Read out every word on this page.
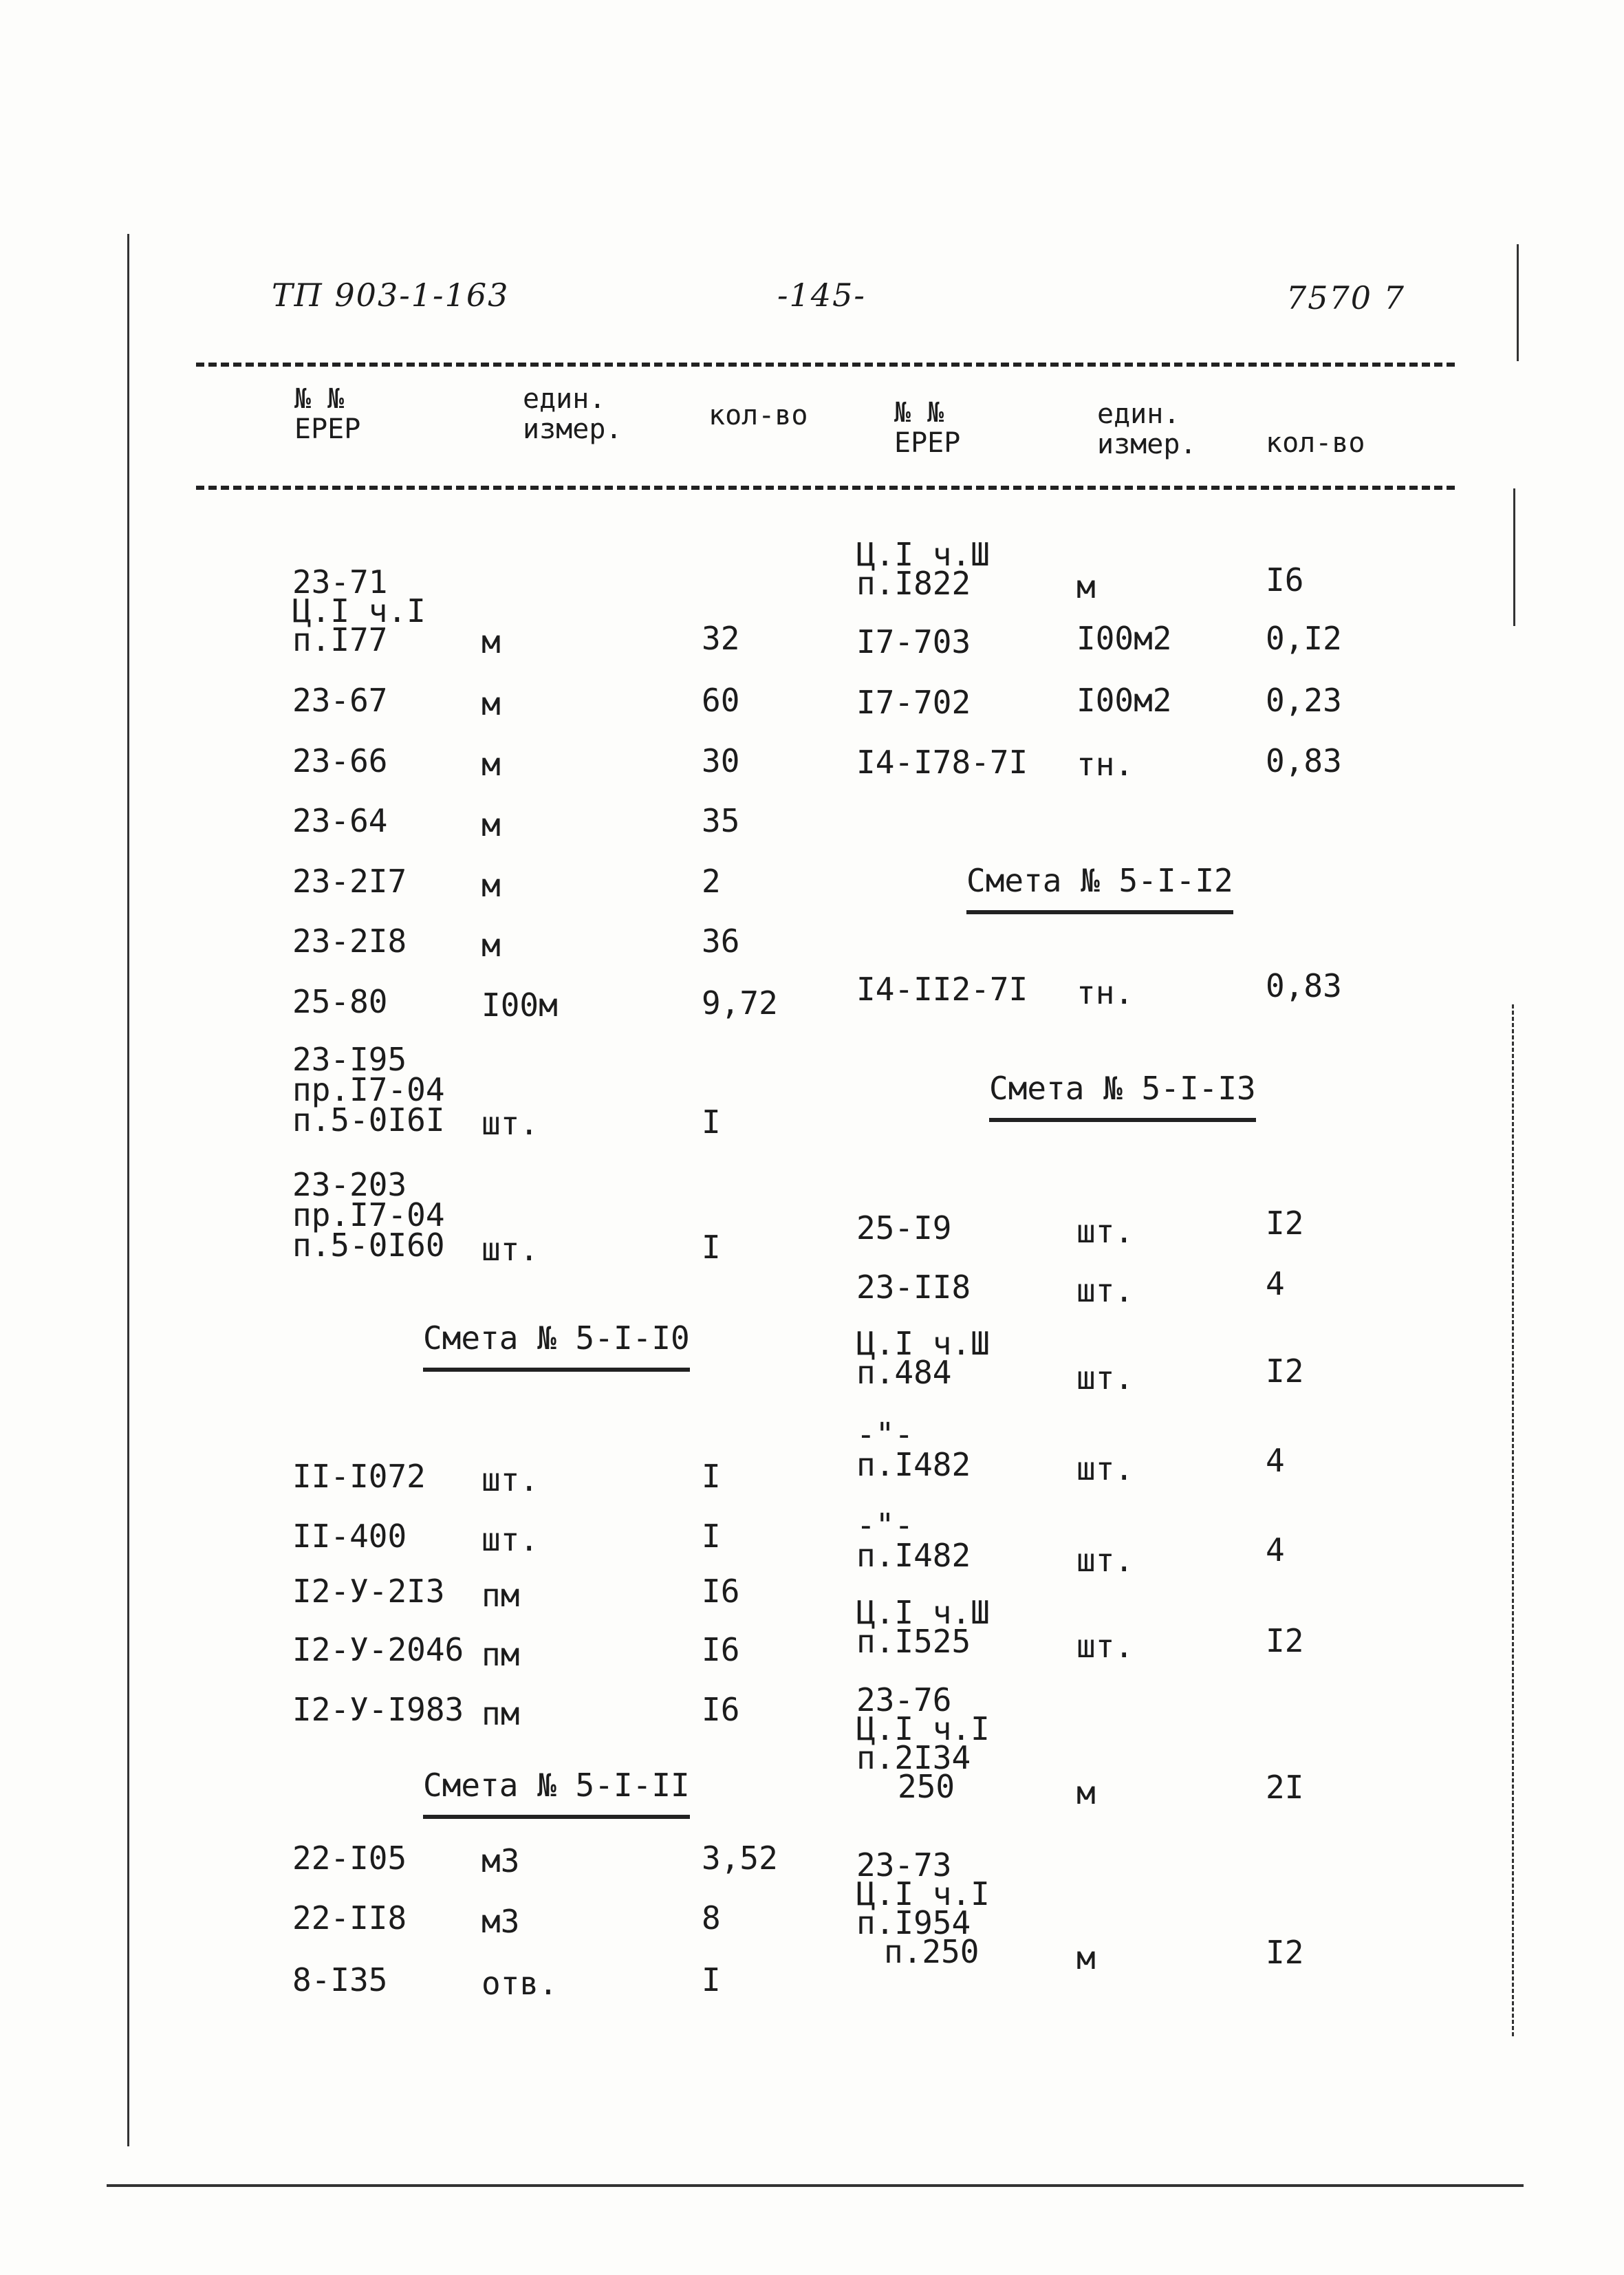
ТП 903-1-163	-145-	7570 7
№ №
ЕРЕР
един.
измер.	кол-во	№ №
ЕРЕР
един.
измер.	кол-во
23-71
Ц.I ч.I
п.I77	м	32
23-67	м	60
23-66	м	30
23-64	м	35
23-2I7 м	2
23-2I8 м	36
25-80	I00м	9,72
23-I95
пр.I7-04
п.5-0I6I шт.	I
23-203
пр.I7-04
п.5-0I60 шт.	I
Смета № 5-I-I0
II-I072 шт.	I
II-400 шт.	I
I2-У-2I3 пм	I6
I2-У-2046 пм	I6
I2-У-I983 пм	I6
Смета № 5-I-II
22-I05 м3	3,52
22-II8 м3	8
8-I35	отв.	I
Ц.I ч.Ш
п.I822	м	I6
I7-703	I00м2	0,I2
I7-702	I00м2	0,23
I4-I78-7I тн.	0,83
Смета № 5-I-I2
I4-II2-7I тн.	0,83
Смета № 5-I-I3
25-I9	шт.	I2
23-II8	шт.	4
Ц.I ч.Ш
п.484	шт.	I2
-"-
п.I482	шт.	4
-"-
п.I482	шт.	4
Ц.I ч.Ш
п.I525	шт.	I2
23-76
Ц.I ч.I
п.2I34
250	м	2I
23-73
Ц.I ч.I
п.I954
п.250	м	I2
